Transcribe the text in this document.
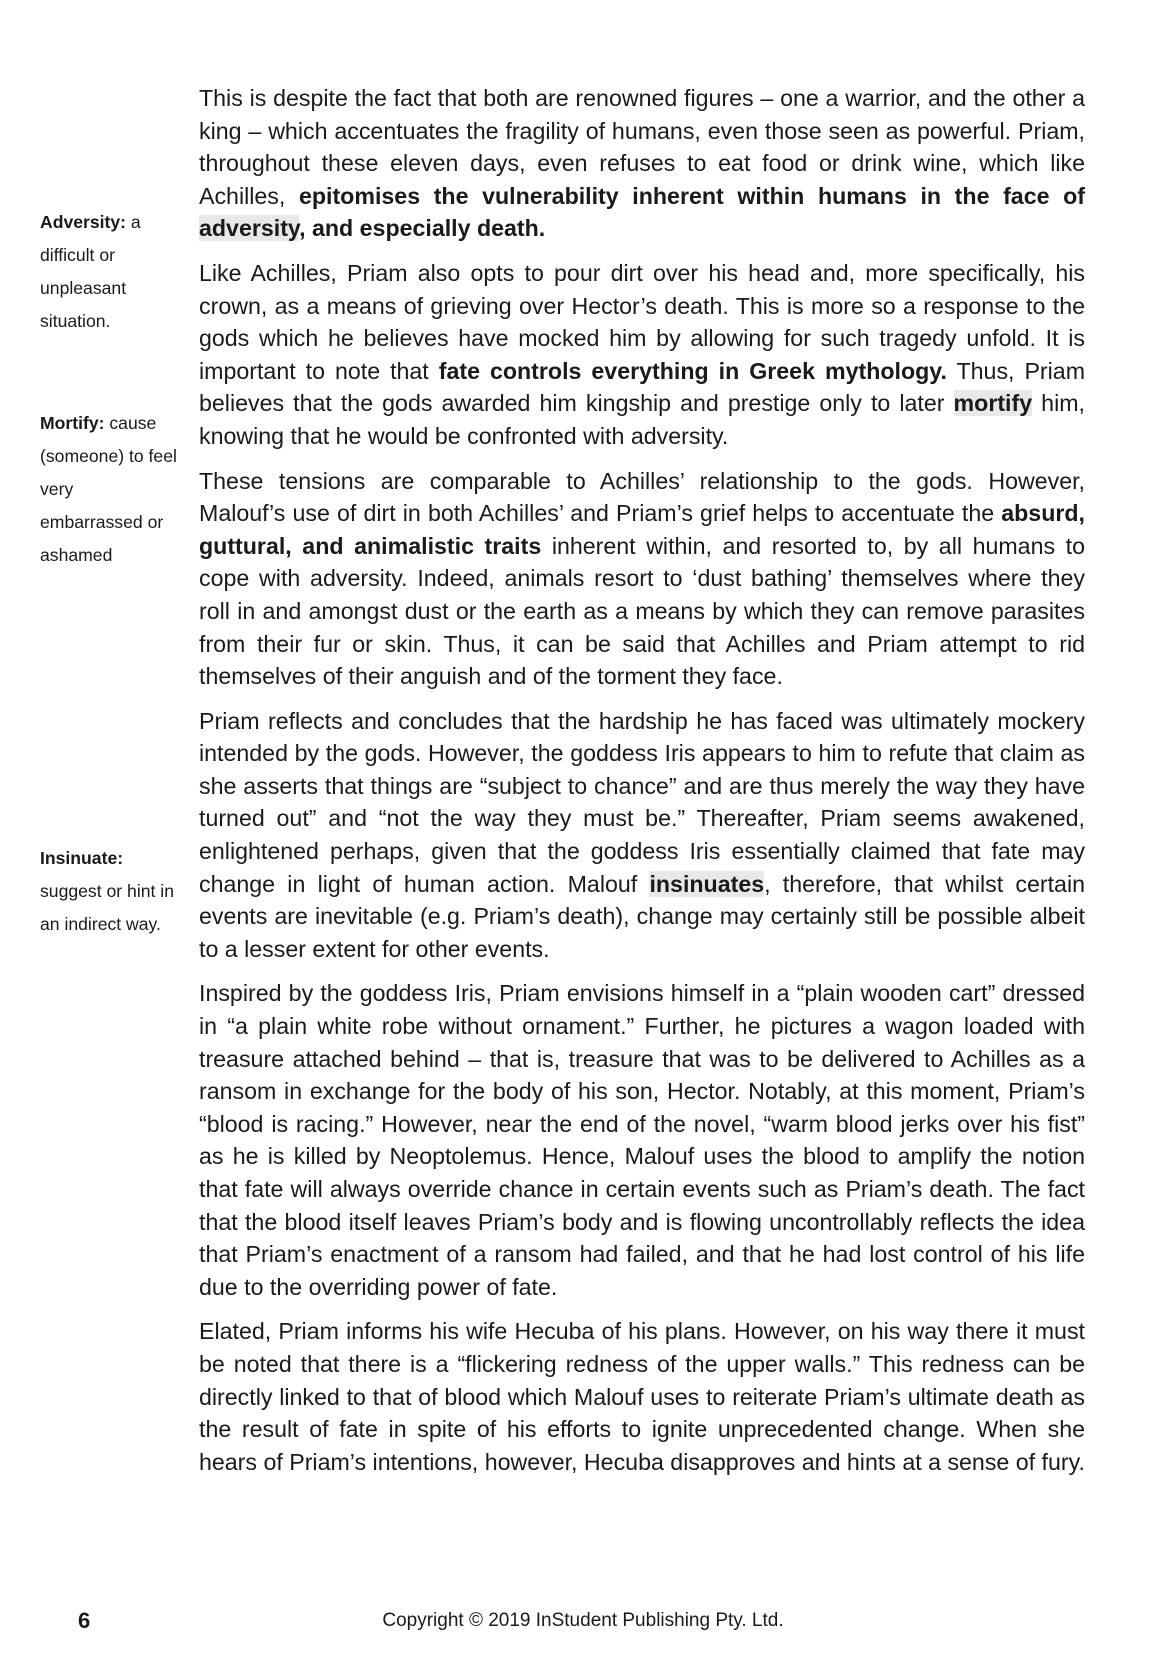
Adversity: a difficult or unpleasant situation.
Mortify: cause (someone) to feel very embarrassed or ashamed
Insinuate: suggest or hint in an indirect way.

This is despite the fact that both are renowned figures – one a warrior, and the other a king – which accentuates the fragility of humans, even those seen as powerful. Priam, throughout these eleven days, even refuses to eat food or drink wine, which like Achilles, epitomises the vulnerability inherent within humans in the face of adversity, and especially death.

Like Achilles, Priam also opts to pour dirt over his head and, more specifically, his crown, as a means of grieving over Hector’s death. This is more so a response to the gods which he believes have mocked him by allowing for such tragedy unfold. It is important to note that fate controls everything in Greek mythology. Thus, Priam believes that the gods awarded him kingship and prestige only to later mortify him, knowing that he would be confronted with adversity.

These tensions are comparable to Achilles’ relationship to the gods. However, Malouf’s use of dirt in both Achilles’ and Priam’s grief helps to accentuate the absurd, guttural, and animalistic traits inherent within, and resorted to, by all humans to cope with adversity. Indeed, animals resort to ‘dust bathing’ themselves where they roll in and amongst dust or the earth as a means by which they can remove parasites from their fur or skin. Thus, it can be said that Achilles and Priam attempt to rid themselves of their anguish and of the torment they face.

Priam reflects and concludes that the hardship he has faced was ultimately mockery intended by the gods. However, the goddess Iris appears to him to refute that claim as she asserts that things are “subject to chance” and are thus merely the way they have turned out” and “not the way they must be.” Thereafter, Priam seems awakened, enlightened perhaps, given that the goddess Iris essentially claimed that fate may change in light of human action. Malouf insinuates, therefore, that whilst certain events are inevitable (e.g. Priam’s death), change may certainly still be possible albeit to a lesser extent for other events.

Inspired by the goddess Iris, Priam envisions himself in a “plain wooden cart” dressed in “a plain white robe without ornament.” Further, he pictures a wagon loaded with treasure attached behind – that is, treasure that was to be delivered to Achilles as a ransom in exchange for the body of his son, Hector. Notably, at this moment, Priam’s “blood is racing.” However, near the end of the novel, “warm blood jerks over his fist” as he is killed by Neoptolemus. Hence, Malouf uses the blood to amplify the notion that fate will always override chance in certain events such as Priam’s death. The fact that the blood itself leaves Priam’s body and is flowing uncontrollably reflects the idea that Priam’s enactment of a ransom had failed, and that he had lost control of his life due to the overriding power of fate.

Elated, Priam informs his wife Hecuba of his plans. However, on his way there it must be noted that there is a “flickering redness of the upper walls.” This redness can be directly linked to that of blood which Malouf uses to reiterate Priam’s ultimate death as the result of fate in spite of his efforts to ignite unprecedented change. When she hears of Priam’s intentions, however, Hecuba disapproves and hints at a sense of fury.

6	Copyright © 2019 InStudent Publishing Pty. Ltd.
